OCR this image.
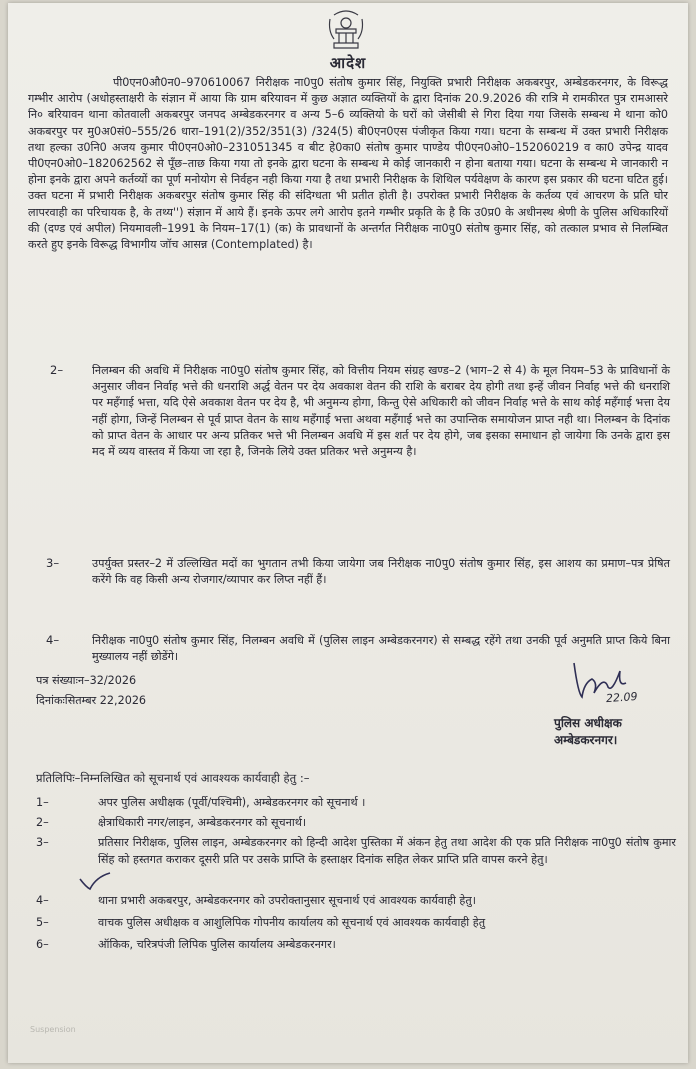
आदेश
पी0एन0औ0न0–970610067 निरीक्षक ना0पु0 संतोष कुमार सिंह, नियुक्ति प्रभारी निरीक्षक अकबरपुर, अम्बेडकरनगर, के विरूद्ध गम्भीर आरोप (अधोहस्ताक्षरी के संज्ञान में आया कि ग्राम बरियावन में कुछ अज्ञात व्यक्तियों के द्वारा दिनांक 20.9.2026 की रात्रि मे रामकीरत पुत्र रामआसरे नि० बरियावन थाना कोतवाली अकबरपुर जनपद अम्बेडकरनगर व अन्य 5–6 व्यक्तियो के घरों को जेसीबी से गिरा दिया गया जिसके सम्बन्ध मे थाना को0 अकबरपुर पर मु0अ0सं0–555/26 धारा–191(2)/352/351(3) /324(5) बी0एन0एस पंजीकृत किया गया। घटना के सम्बन्ध में उक्त प्रभारी निरीक्षक तथा हल्का उ0नि0 अजय कुमार पी0एन0ओ0–231051345 व बीट हे0का0 संतोष कुमार पाण्डेय पी0एन0ओ0–152060219 व का0 उपेन्द्र यादव पी0एन0ओ0–182062562 से पूँछ–ताछ किया गया तो इनके द्वारा घटना के सम्बन्ध मे कोई जानकारी न होना बताया गया। घटना के सम्बन्ध मे जानकारी न होना इनके द्वारा अपने कर्तव्यों का पूर्ण मनोयोग से निर्वहन नही किया गया है तथा प्रभारी निरीक्षक के शिथिल पर्यवेक्षण के कारण इस प्रकार की घटना घटित हुई। उक्त घटना में प्रभारी निरीक्षक अकबरपुर संतोष कुमार सिंह की संदिग्धता भी प्रतीत होती है। उपरोक्त प्रभारी निरीक्षक के कर्तव्य एवं आचरण के प्रति घोर लापरवाही का परिचायक है, के तथ्य'') संज्ञान में आये हैं। इनके ऊपर लगे आरोप इतने गम्भीर प्रकृति के है कि उ0प्र0 के अधीनस्थ श्रेणी के पुलिस अधिकारियों की (दण्ड एवं अपील) नियमावली–1991 के नियम–17(1) (क) के प्रावधानों के अन्तर्गत निरीक्षक ना0पु0 संतोष कुमार सिंह, को तत्काल प्रभाव से निलम्बित करते हुए इनके विरूद्ध विभागीय जॉच आसन्न (Contemplated) है।
2–	निलम्बन की अवधि में निरीक्षक ना0पु0 संतोष कुमार सिंह, को वित्तीय नियम संग्रह खण्ड–2 (भाग–2 से 4) के मूल नियम–53 के प्राविधानों के अनुसार जीवन निर्वाह भत्ते की धनराशि अर्द्ध वेतन पर देय अवकाश वेतन की राशि के बराबर देय होगी तथा इन्हें जीवन निर्वाह भत्ते की धनराशि पर महँगाई भत्ता, यदि ऐसे अवकाश वेतन पर देय है, भी अनुमन्य होगा, किन्तु ऐसे अधिकारी को जीवन निर्वाह भत्ते के साथ कोई महँगाई भत्ता देय नहीं होगा, जिन्हें निलम्बन से पूर्व प्राप्त वेतन के साथ महँगाई भत्ता अथवा महँगाई भत्ते का उपान्तिक समायोजन प्राप्त नही था। निलम्बन के दिनांक को प्राप्त वेतन के आधार पर अन्य प्रतिकर भत्ते भी निलम्बन अवधि में इस शर्त पर देय होगे, जब इसका समाधान हो जायेगा कि उनके द्वारा इस मद में व्यय वास्तव में किया जा रहा है, जिनके लिये उक्त प्रतिकर भत्ते अनुमन्य है।
3–	उपर्युक्त प्रस्तर–2 में उल्लिखित मदों का भुगतान तभी किया जायेगा जब निरीक्षक ना0पु0 संतोष कुमार सिंह, इस आशय का प्रमाण–पत्र प्रेषित करेंगे कि वह किसी अन्य रोजगार/व्यापार कर लिप्त नहीं हैं।
4–	निरीक्षक ना0पु0 संतोष कुमार सिंह, निलम्बन अवधि में (पुलिस लाइन अम्बेडकरनगर) से सम्बद्ध रहेंगे तथा उनकी पूर्व अनुमति प्राप्त किये बिना मुख्यालय नहीं छोडेंगे।
पत्र संख्याःन–32/2026
दिनांकःसितम्बर 22,2026	22.09
पुलिस अधीक्षक
अम्बेडकरनगर।
प्रतिलिपिः–निम्नलिखित को सूचनार्थ एवं आवश्यक कार्यवाही हेतु :–
1–	अपर पुलिस अधीक्षक (पूर्वी/पश्चिमी), अम्बेडकरनगर को सूचनार्थ ।
2–	क्षेत्राधिकारी नगर/लाइन, अम्बेडकरनगर को सूचनार्थ।
3–	प्रतिसार निरीक्षक, पुलिस लाइन, अम्बेडकरनगर को हिन्दी आदेश पुस्तिका में अंकन हेतु तथा आदेश की एक प्रति निरीक्षक ना0पु0 संतोष कुमार सिंह को हस्तगत कराकर दूसरी प्रति पर उसके प्राप्ति के हस्ताक्षर दिनांक सहित लेकर प्राप्ति प्रति वापस करने हेतु।
4–	थाना प्रभारी अकबरपुर, अम्बेडकरनगर को उपरोक्तानुसार सूचनार्थ एवं आवश्यक कार्यवाही हेतु।
5–	वाचक पुलिस अधीक्षक व आशुलिपिक गोपनीय कार्यालय को सूचनार्थ एवं आवश्यक कार्यवाही हेतु
6–	ऑकिक, चरित्रपंजी लिपिक पुलिस कार्यालय अम्बेडकरनगर।
Suspension
